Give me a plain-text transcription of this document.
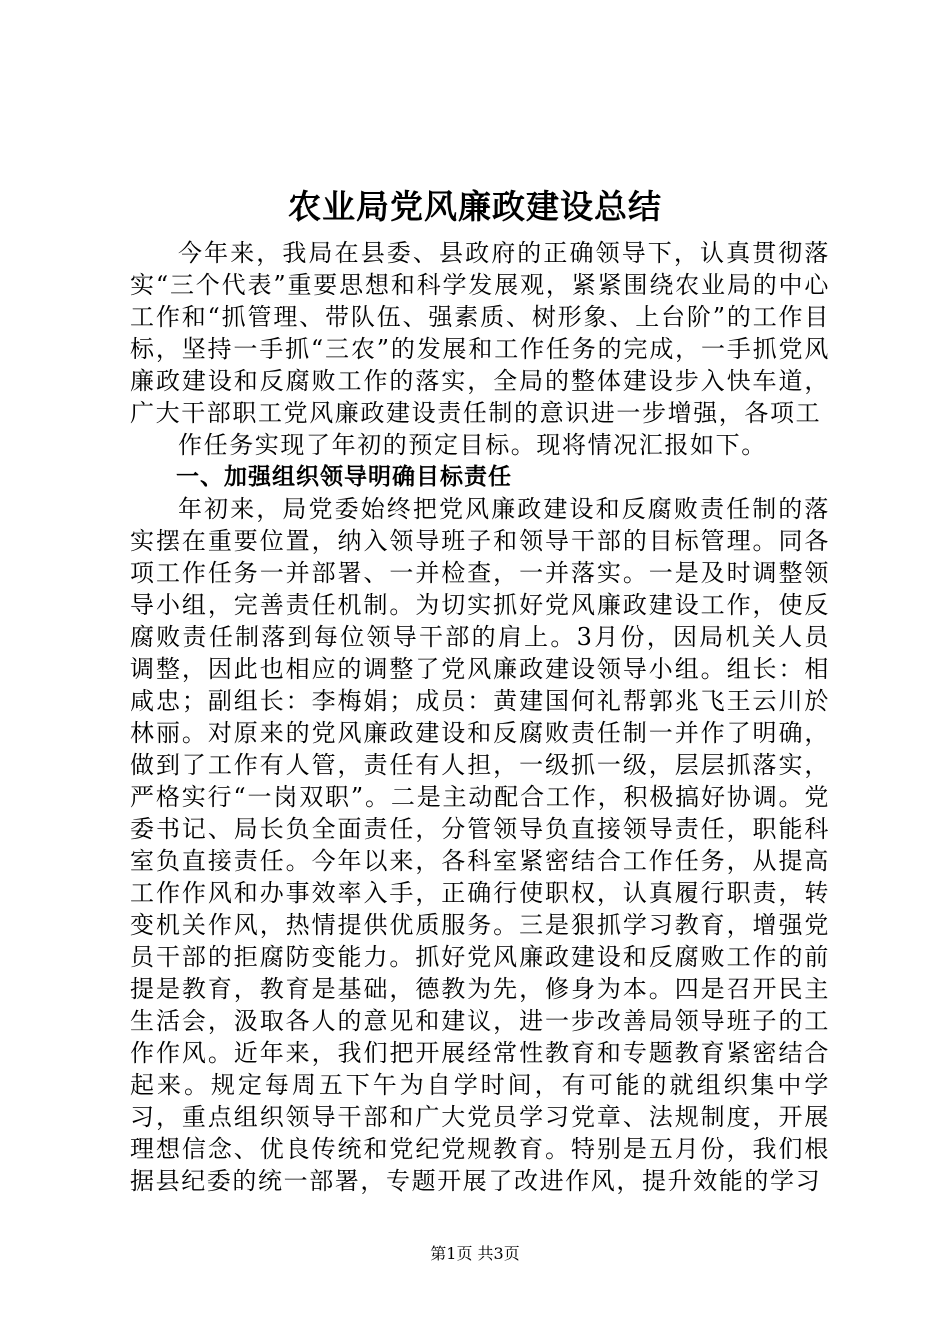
农业局党风廉政建设总结

今年来，我局在县委、县政府的正确领导下，认真贯彻落实“三个代表”重要思想和科学发展观，紧紧围绕农业局的中心工作和“抓管理、带队伍、强素质、树形象、上台阶”的工作目标，坚持一手抓“三农”的发展和工作任务的完成，一手抓党风廉政建设和反腐败工作的落实，全局的整体建设步入快车道，广大干部职工党风廉政建设责任制的意识进一步增强，各项工

作任务实现了年初的预定目标。现将情况汇报如下。

一、加强组织领导明确目标责任

年初来，局党委始终把党风廉政建设和反腐败责任制的落实摆在重要位置，纳入领导班子和领导干部的目标管理。同各项工作任务一并部署、一并检查，一并落实。一是及时调整领导小组，完善责任机制。为切实抓好党风廉政建设工作，使反腐败责任制落到每位领导干部的肩上。3月份，因局机关人员调整，因此也相应的调整了党风廉政建设领导小组。组长：相咸忠；副组长：李梅娟；成员：黄建国何礼帮郭兆飞王云川於林丽。对原来的党风廉政建设和反腐败责任制一并作了明确，做到了工作有人管，责任有人担，一级抓一级，层层抓落实，严格实行“一岗双职”。二是主动配合工作，积极搞好协调。党委书记、局长负全面责任，分管领导负直接领导责任，职能科室负直接责任。今年以来，各科室紧密结合工作任务，从提高工作作风和办事效率入手，正确行使职权，认真履行职责，转变机关作风，热情提供优质服务。三是狠抓学习教育，增强党员干部的拒腐防变能力。抓好党风廉政建设和反腐败工作的前提是教育，教育是基础，德教为先，修身为本。四是召开民主生活会，汲取各人的意见和建议，进一步改善局领导班子的工作作风。近年来，我们把开展经常性教育和专题教育紧密结合起来。规定每周五下午为自学时间，有可能的就组织集中学习，重点组织领导干部和广大党员学习党章、法规制度，开展理想信念、优良传统和党纪党规教育。特别是五月份，我们根据县纪委的统一部署，专题开展了改进作风，提升效能的学习

第1页 共3页
